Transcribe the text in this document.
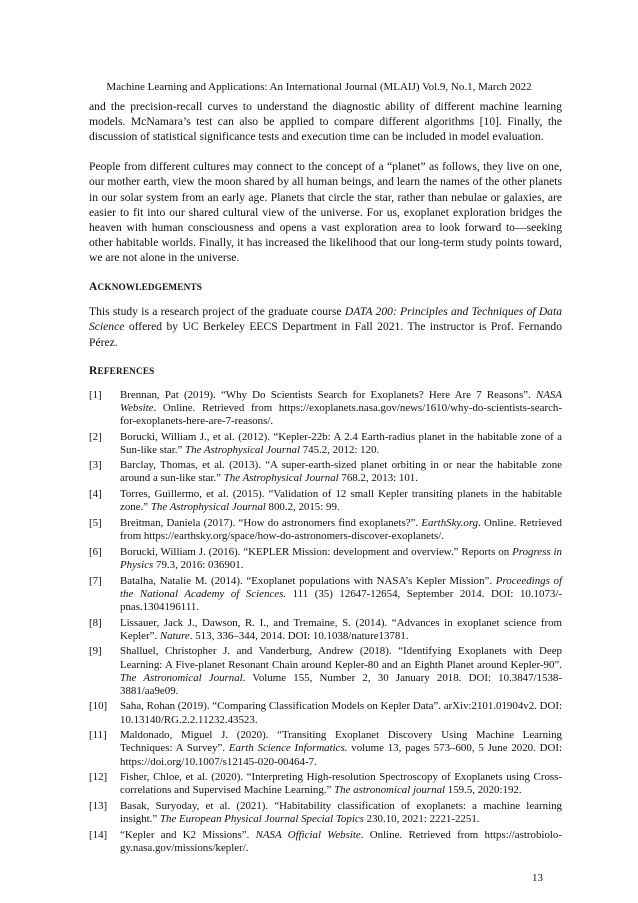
Machine Learning and Applications: An International Journal (MLAIJ) Vol.9, No.1, March 2022

and the precision-recall curves to understand the diagnostic ability of different machine learning models. McNamara’s test can also be applied to compare different algorithms [10]. Finally, the discussion of statistical significance tests and execution time can be included in model evaluation.

People from different cultures may connect to the concept of a “planet” as follows, they live on one, our mother earth, view the moon shared by all human beings, and learn the names of the other planets in our solar system from an early age. Planets that circle the star, rather than nebulae or galaxies, are easier to fit into our shared cultural view of the universe. For us, exoplanet exploration bridges the heaven with human consciousness and opens a vast exploration area to look forward to—seeking other habitable worlds. Finally, it has increased the likelihood that our long-term study points toward, we are not alone in the universe.

ACKNOWLEDGEMENTS

This study is a research project of the graduate course DATA 200: Principles and Techniques of Data Science offered by UC Berkeley EECS Department in Fall 2021. The instructor is Prof. Fernando Pérez.

REFERENCES
[1]	Brennan, Pat (2019). “Why Do Scientists Search for Exoplanets? Here Are 7 Reasons”. NASA Website. Online. Retrieved from https://exoplanets.nasa.gov/news/1610/why-do-scientists-search-for-exoplanets-here-are-7-reasons/.
[2]	Borucki, William J., et al. (2012). “Kepler-22b: A 2.4 Earth-radius planet in the habitable zone of a Sun-like star.” The Astrophysical Journal 745.2, 2012: 120.
[3]	Barclay, Thomas, et al. (2013). “A super-earth-sized planet orbiting in or near the habitable zone around a sun-like star.” The Astrophysical Journal 768.2, 2013: 101.
[4]	Torres, Guillermo, et al. (2015). “Validation of 12 small Kepler transiting planets in the habitable zone.” The Astrophysical Journal 800.2, 2015: 99.
[5]	Breitman, Daniela (2017). “How do astronomers find exoplanets?”. EarthSky.org. Online. Retrieved from https://earthsky.org/space/how-do-astronomers-discover-exoplanets/.
[6]	Borucki, William J. (2016). “KEPLER Mission: development and overview.” Reports on Progress in Physics 79.3, 2016: 036901.
[7]	Batalha, Natalie M. (2014). “Exoplanet populations with NASA’s Kepler Mission”. Proceedings of the National Academy of Sciences. 111 (35) 12647-12654, September 2014. DOI: 10.1073/-pnas.1304196111.
[8]	Lissauer, Jack J., Dawson, R. I., and Tremaine, S. (2014). “Advances in exoplanet science from Kepler”. Nature. 513, 336–344, 2014. DOI: 10.1038/nature13781.
[9]	Shalluel, Christopher J. and Vanderburg, Andrew (2018). “Identifying Exoplanets with Deep Learning: A Five-planet Resonant Chain around Kepler-80 and an Eighth Planet around Kepler-90”. The Astronomical Journal. Volume 155, Number 2, 30 January 2018. DOI: 10.3847/1538-3881/aa9e09.
[10]	Saha, Rohan (2019). “Comparing Classification Models on Kepler Data”. arXiv:2101.01904v2. DOI: 10.13140/RG.2.2.11232.43523.
[11]	Maldonado, Miguel J. (2020). “Transiting Exoplanet Discovery Using Machine Learning Techniques: A Survey”. Earth Science Informatics. volume 13, pages 573–600, 5 June 2020. DOI: https://doi.org/10.1007/s12145-020-00464-7.
[12]	Fisher, Chloe, et al. (2020). “Interpreting High-resolution Spectroscopy of Exoplanets using Cross-correlations and Supervised Machine Learning.” The astronomical journal 159.5, 2020:192.
[13]	Basak, Suryoday, et al. (2021). “Habitability classification of exoplanets: a machine learning insight.” The European Physical Journal Special Topics 230.10, 2021: 2221-2251.
[14]	“Kepler and K2 Missions”. NASA Official Website. Online. Retrieved from https://astrobiolo-gy.nasa.gov/missions/kepler/.
13
